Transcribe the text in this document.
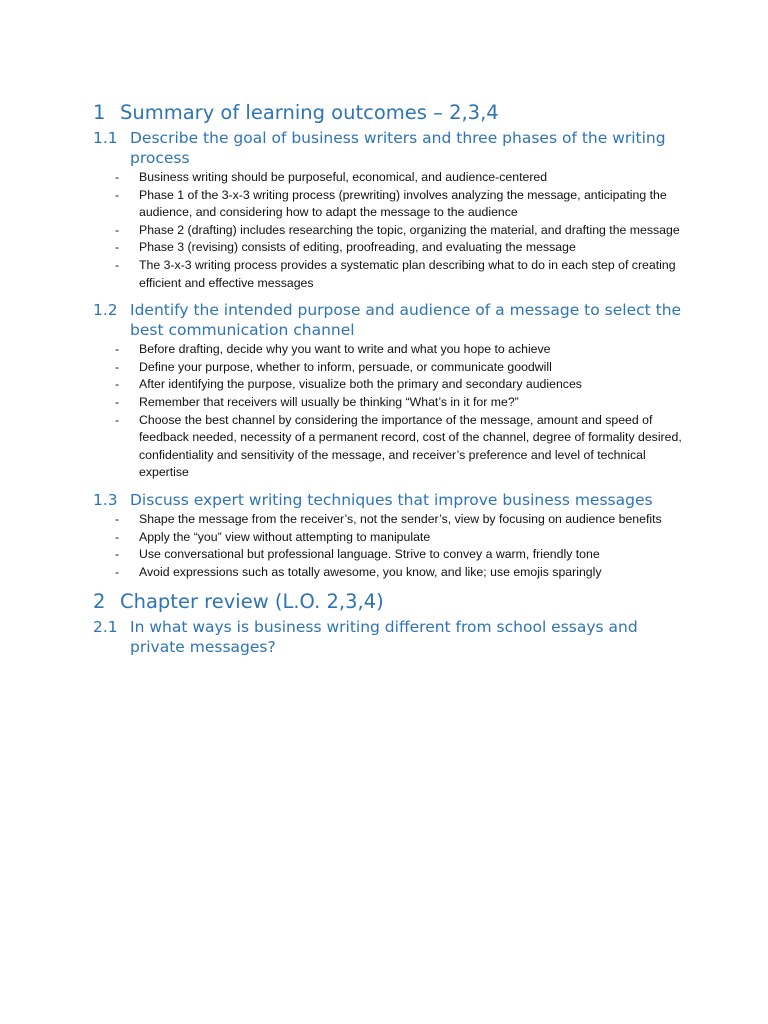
1 Summary of learning outcomes – 2,3,4
1.1 Describe the goal of business writers and three phases of the writing process
- Business writing should be purposeful, economical, and audience-centered
- Phase 1 of the 3-x-3 writing process (prewriting) involves analyzing the message, anticipating the audience, and considering how to adapt the message to the audience
- Phase 2 (drafting) includes researching the topic, organizing the material, and drafting the message
- Phase 3 (revising) consists of editing, proofreading, and evaluating the message
- The 3-x-3 writing process provides a systematic plan describing what to do in each step of creating efficient and effective messages
1.2 Identify the intended purpose and audience of a message to select the best communication channel
- Before drafting, decide why you want to write and what you hope to achieve
- Define your purpose, whether to inform, persuade, or communicate goodwill
- After identifying the purpose, visualize both the primary and secondary audiences
- Remember that receivers will usually be thinking “What’s in it for me?”
- Choose the best channel by considering the importance of the message, amount and speed of feedback needed, necessity of a permanent record, cost of the channel, degree of formality desired, confidentiality and sensitivity of the message, and receiver’s preference and level of technical expertise
1.3 Discuss expert writing techniques that improve business messages
- Shape the message from the receiver’s, not the sender’s, view by focusing on audience benefits
- Apply the “you” view without attempting to manipulate
- Use conversational but professional language. Strive to convey a warm, friendly tone
- Avoid expressions such as totally awesome, you know, and like; use emojis sparingly
2 Chapter review (L.O. 2,3,4)
2.1 In what ways is business writing different from school essays and private messages?
